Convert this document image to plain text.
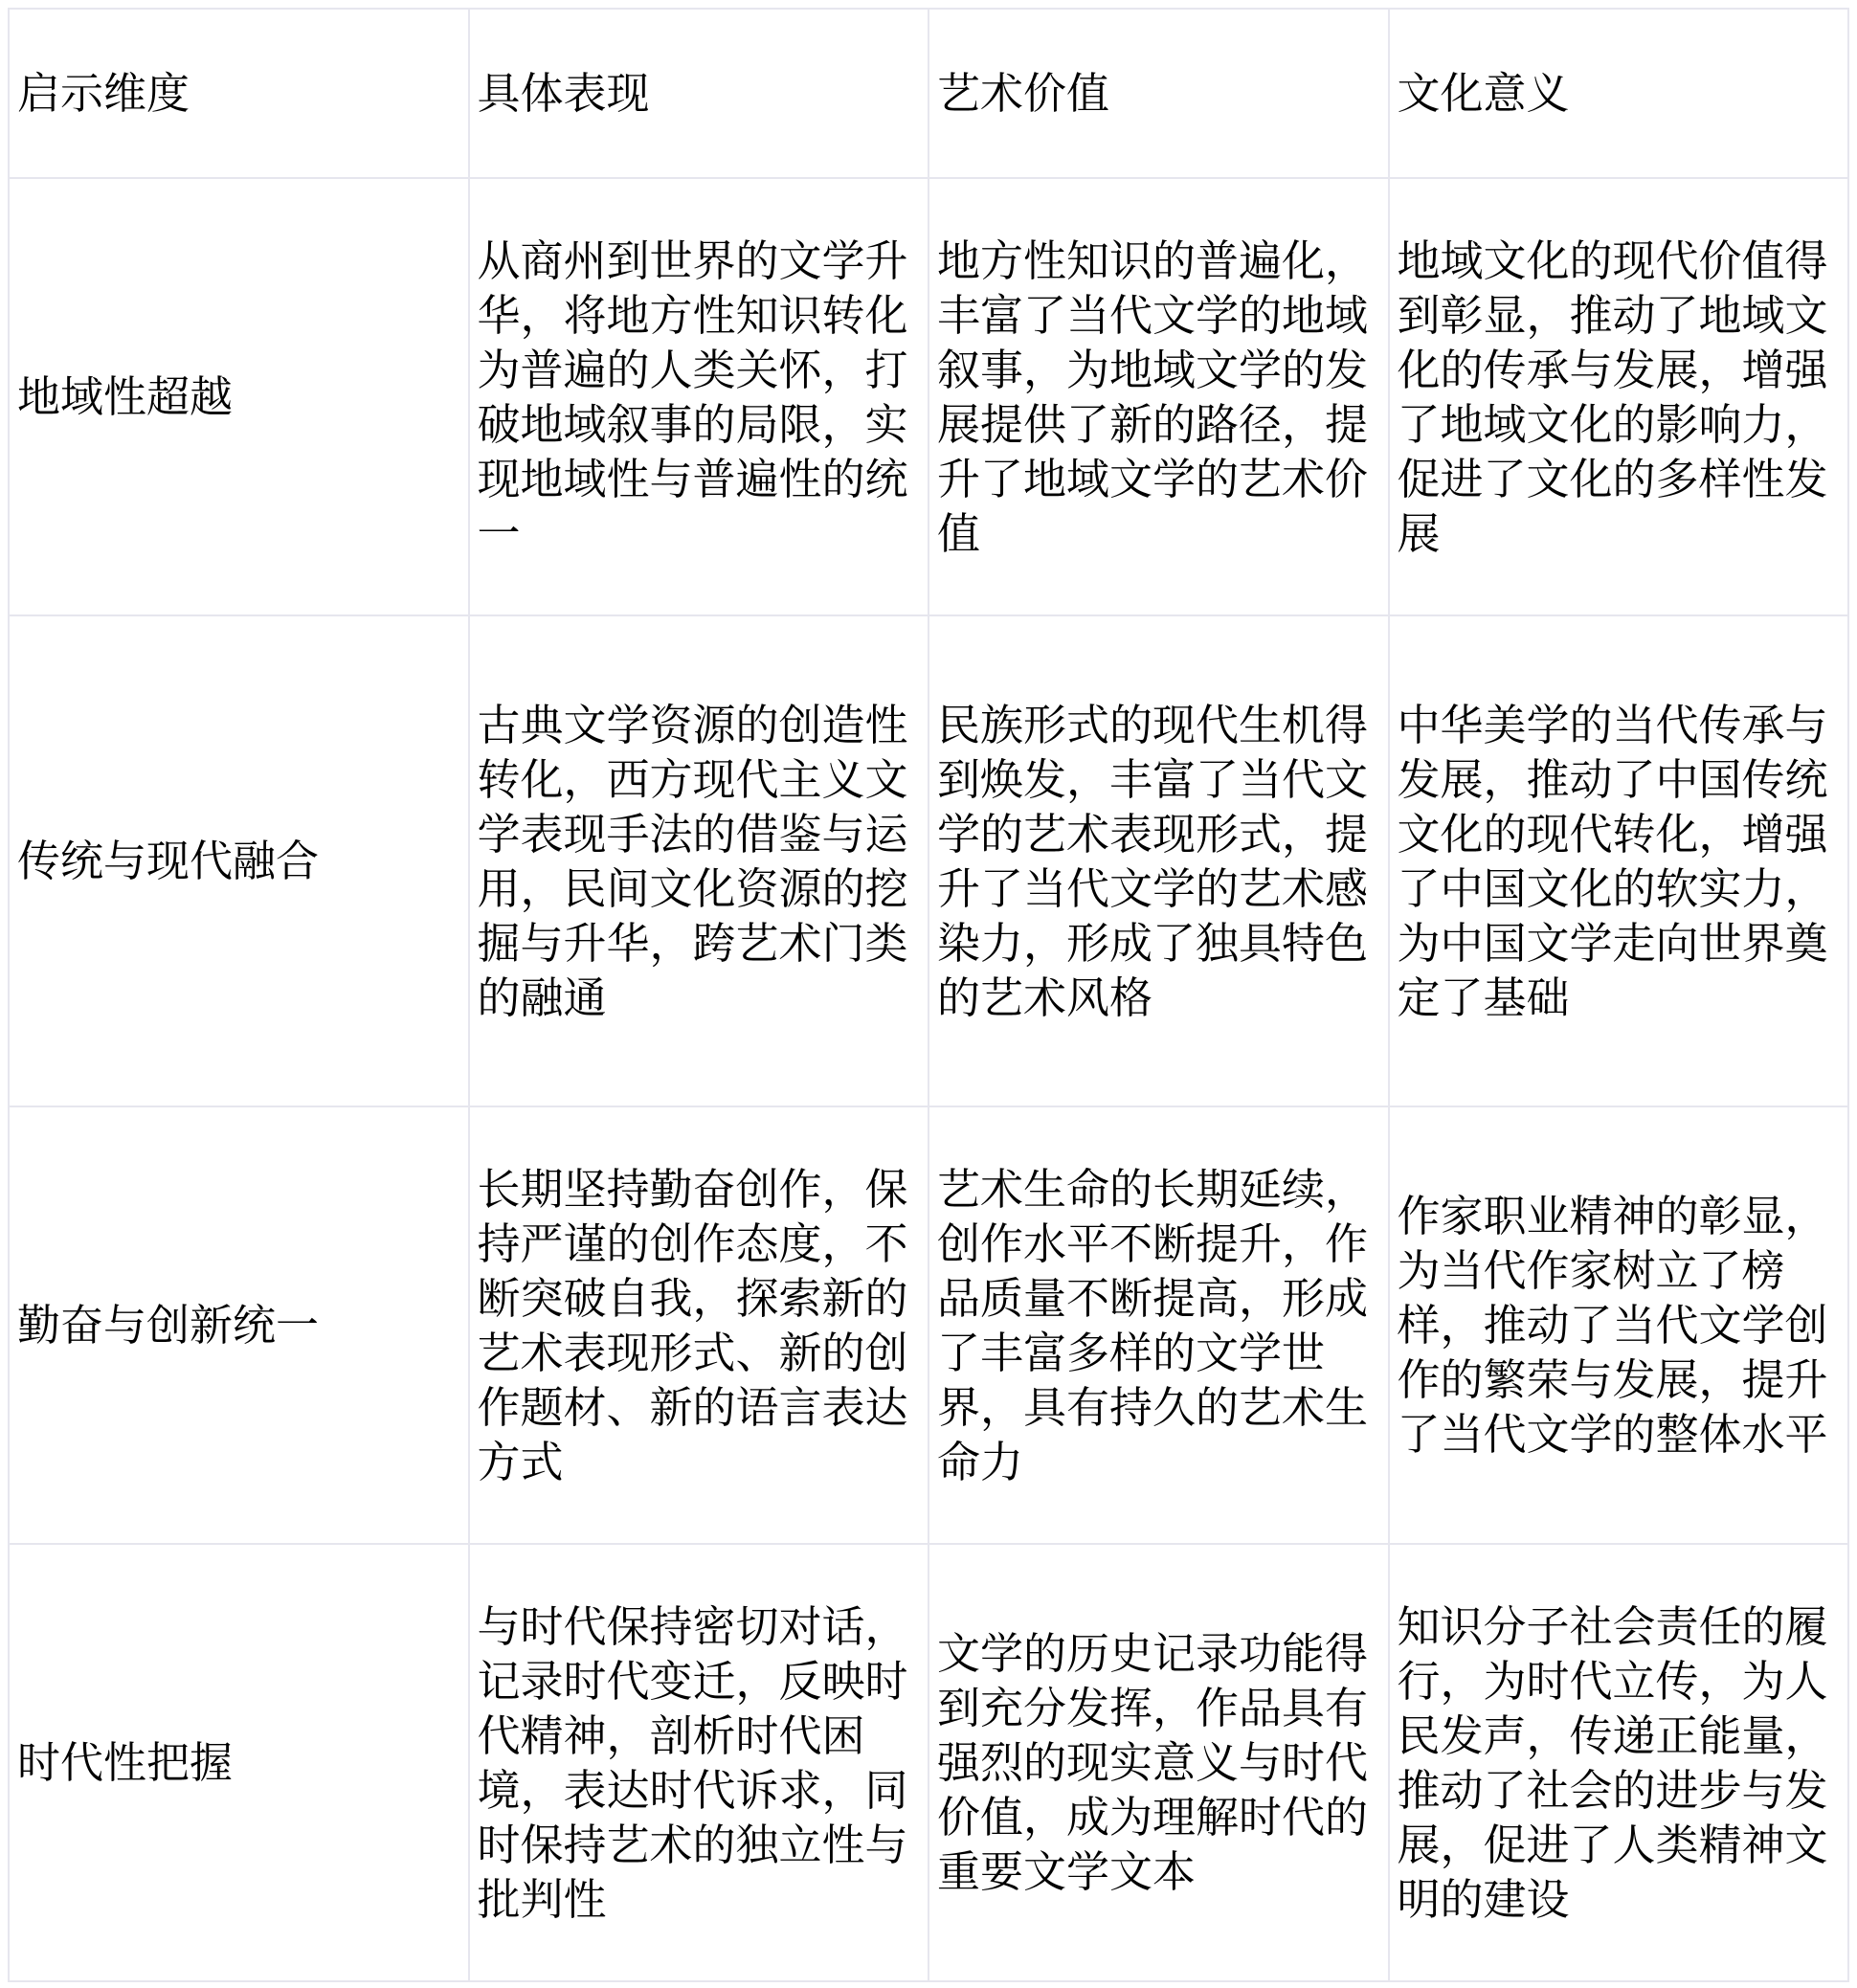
启示维度	具体表现	艺术价值	文化意义
地域性超越	从商州到世界的文学升华，将地方性知识转化为普遍的人类关怀，打破地域叙事的局限，实现地域性与普遍性的统一	地方性知识的普遍化，丰富了当代文学的地域叙事，为地域文学的发展提供了新的路径，提升了地域文学的艺术价值	地域文化的现代价值得到彰显，推动了地域文化的传承与发展，增强了地域文化的影响力，促进了文化的多样性发展
传统与现代融合	古典文学资源的创造性转化，西方现代主义文学表现手法的借鉴与运用，民间文化资源的挖掘与升华，跨艺术门类的融通	民族形式的现代生机得到焕发，丰富了当代文学的艺术表现形式，提升了当代文学的艺术感染力，形成了独具特色的艺术风格	中华美学的当代传承与发展，推动了中国传统文化的现代转化，增强了中国文化的软实力，为中国文学走向世界奠定了基础
勤奋与创新统一	长期坚持勤奋创作，保持严谨的创作态度，不断突破自我，探索新的艺术表现形式、新的创作题材、新的语言表达方式	艺术生命的长期延续，创作水平不断提升，作品质量不断提高，形成了丰富多样的文学世界，具有持久的艺术生命力	作家职业精神的彰显，为当代作家树立了榜样，推动了当代文学创作的繁荣与发展，提升了当代文学的整体水平
时代性把握	与时代保持密切对话，记录时代变迁，反映时代精神，剖析时代困境，表达时代诉求，同时保持艺术的独立性与批判性	文学的历史记录功能得到充分发挥，作品具有强烈的现实意义与时代价值，成为理解时代的重要文学文本	知识分子社会责任的履行，为时代立传，为人民发声，传递正能量，推动了社会的进步与发展，促进了人类精神文明的建设
